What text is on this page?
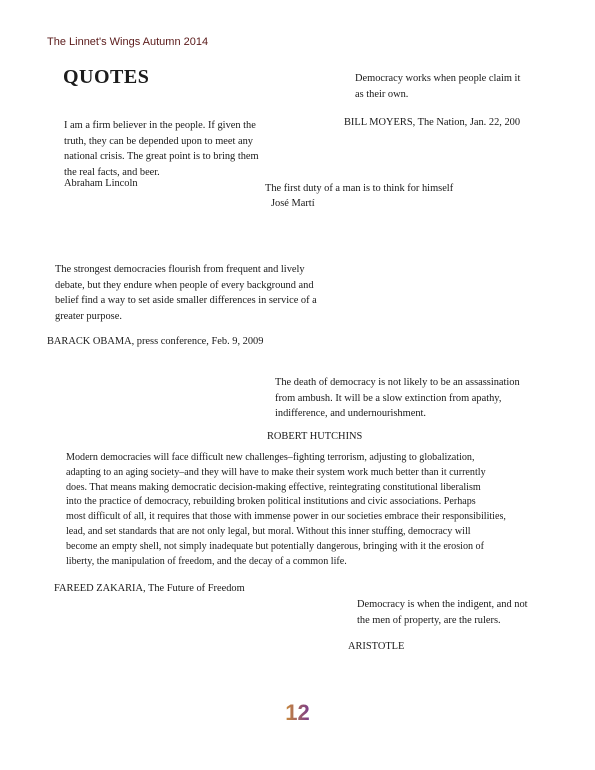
The Linnet's Wings Autumn 2014
QUOTES
I am a firm believer in the people. If given the
truth, they can be depended upon to meet any
national crisis. The great point is to bring them
the real facts, and beer.
Abraham Lincoln
Democracy works when people claim it
as their own.
BILL MOYERS, The Nation, Jan. 22, 200
The first duty of a man is to think for himself
José Martí
The strongest democracies flourish from frequent and lively
debate, but they endure when people of every background and
belief find a way to set aside smaller differences in service of a
greater purpose.
BARACK OBAMA, press conference, Feb. 9, 2009
The death of democracy is not likely to be an assassination
from ambush. It will be a slow extinction from apathy,
indifference, and undernourishment.
ROBERT HUTCHINS
Modern democracies will face difficult new challenges–fighting terrorism, adjusting to globalization,
adapting to an aging society–and they will have to make their system work much better than it currently
does. That means making democratic decision-making effective, reintegrating constitutional liberalism
into the practice of democracy, rebuilding broken political institutions and civic associations. Perhaps
most difficult of all, it requires that those with immense power in our societies embrace their responsibilities,
lead, and set standards that are not only legal, but moral. Without this inner stuffing, democracy will
become an empty shell, not simply inadequate but potentially dangerous, bringing with it the erosion of
liberty, the manipulation of freedom, and the decay of a common life.
FAREED ZAKARIA, The Future of Freedom
Democracy is when the indigent, and not
the men of property, are the rulers.
ARISTOTLE
12
